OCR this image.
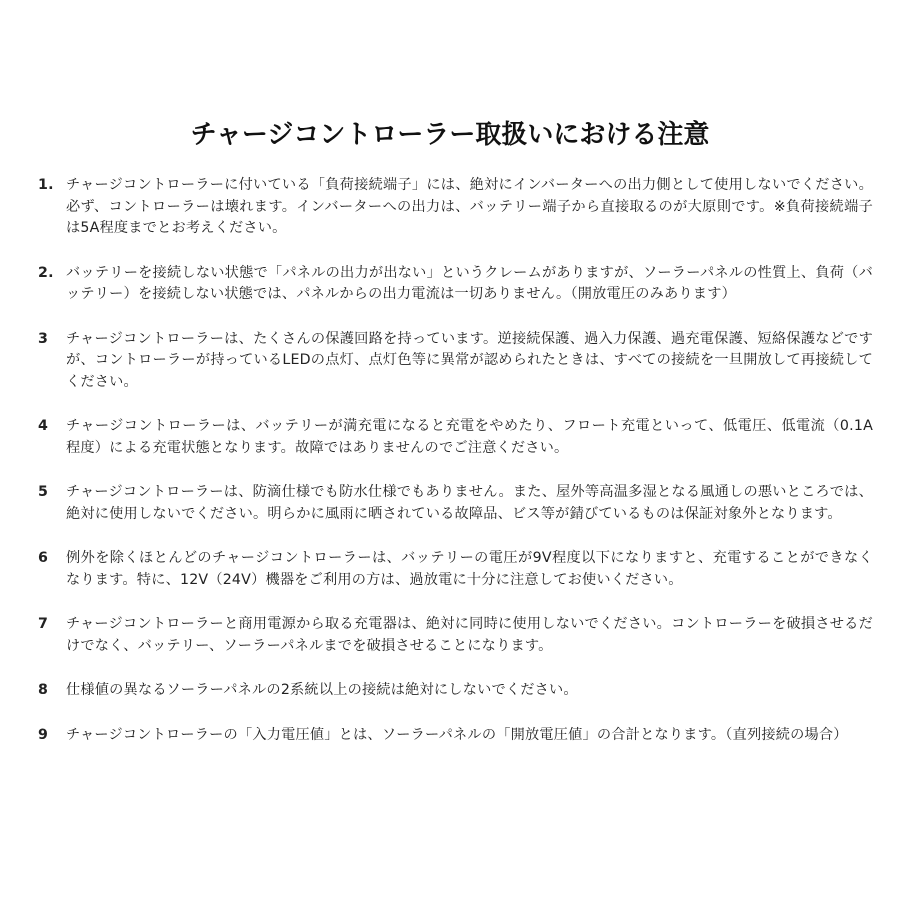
チャージコントローラー取扱いにおける注意
1. チャージコントローラーに付いている「負荷接続端子」には、絶対にインバーターへの出力側として使用しないでください。必ず、コントローラーは壊れます。インバーターへの出力は、バッテリー端子から直接取るのが大原則です。※負荷接続端子は5A程度までとお考えください。
2. バッテリーを接続しない状態で「パネルの出力が出ない」というクレームがありますが、ソーラーパネルの性質上、負荷（バッテリー）を接続しない状態では、パネルからの出力電流は一切ありません。（開放電圧のみあります）
3 チャージコントローラーは、たくさんの保護回路を持っています。逆接続保護、過入力保護、過充電保護、短絡保護などですが、コントローラーが持っているLEDの点灯、点灯色等に異常が認められたときは、すべての接続を一旦開放して再接続してください。
4 チャージコントローラーは、バッテリーが満充電になると充電をやめたり、フロート充電といって、低電圧、低電流（0.1A程度）による充電状態となります。故障ではありませんのでご注意ください。
5 チャージコントローラーは、防滴仕様でも防水仕様でもありません。また、屋外等高温多湿となる風通しの悪いところでは、絶対に使用しないでください。明らかに風雨に晒されている故障品、ビス等が錆びているものは保証対象外となります。
6 例外を除くほとんどのチャージコントローラーは、バッテリーの電圧が9V程度以下になりますと、充電することができなくなります。特に、12V（24V）機器をご利用の方は、過放電に十分に注意してお使いください。
7 チャージコントローラーと商用電源から取る充電器は、絶対に同時に使用しないでください。コントローラーを破損させるだけでなく、バッテリー、ソーラーパネルまでを破損させることになります。
8 仕様値の異なるソーラーパネルの2系統以上の接続は絶対にしないでください。
9 チャージコントローラーの「入力電圧値」とは、ソーラーパネルの「開放電圧値」の合計となります。（直列接続の場合）
